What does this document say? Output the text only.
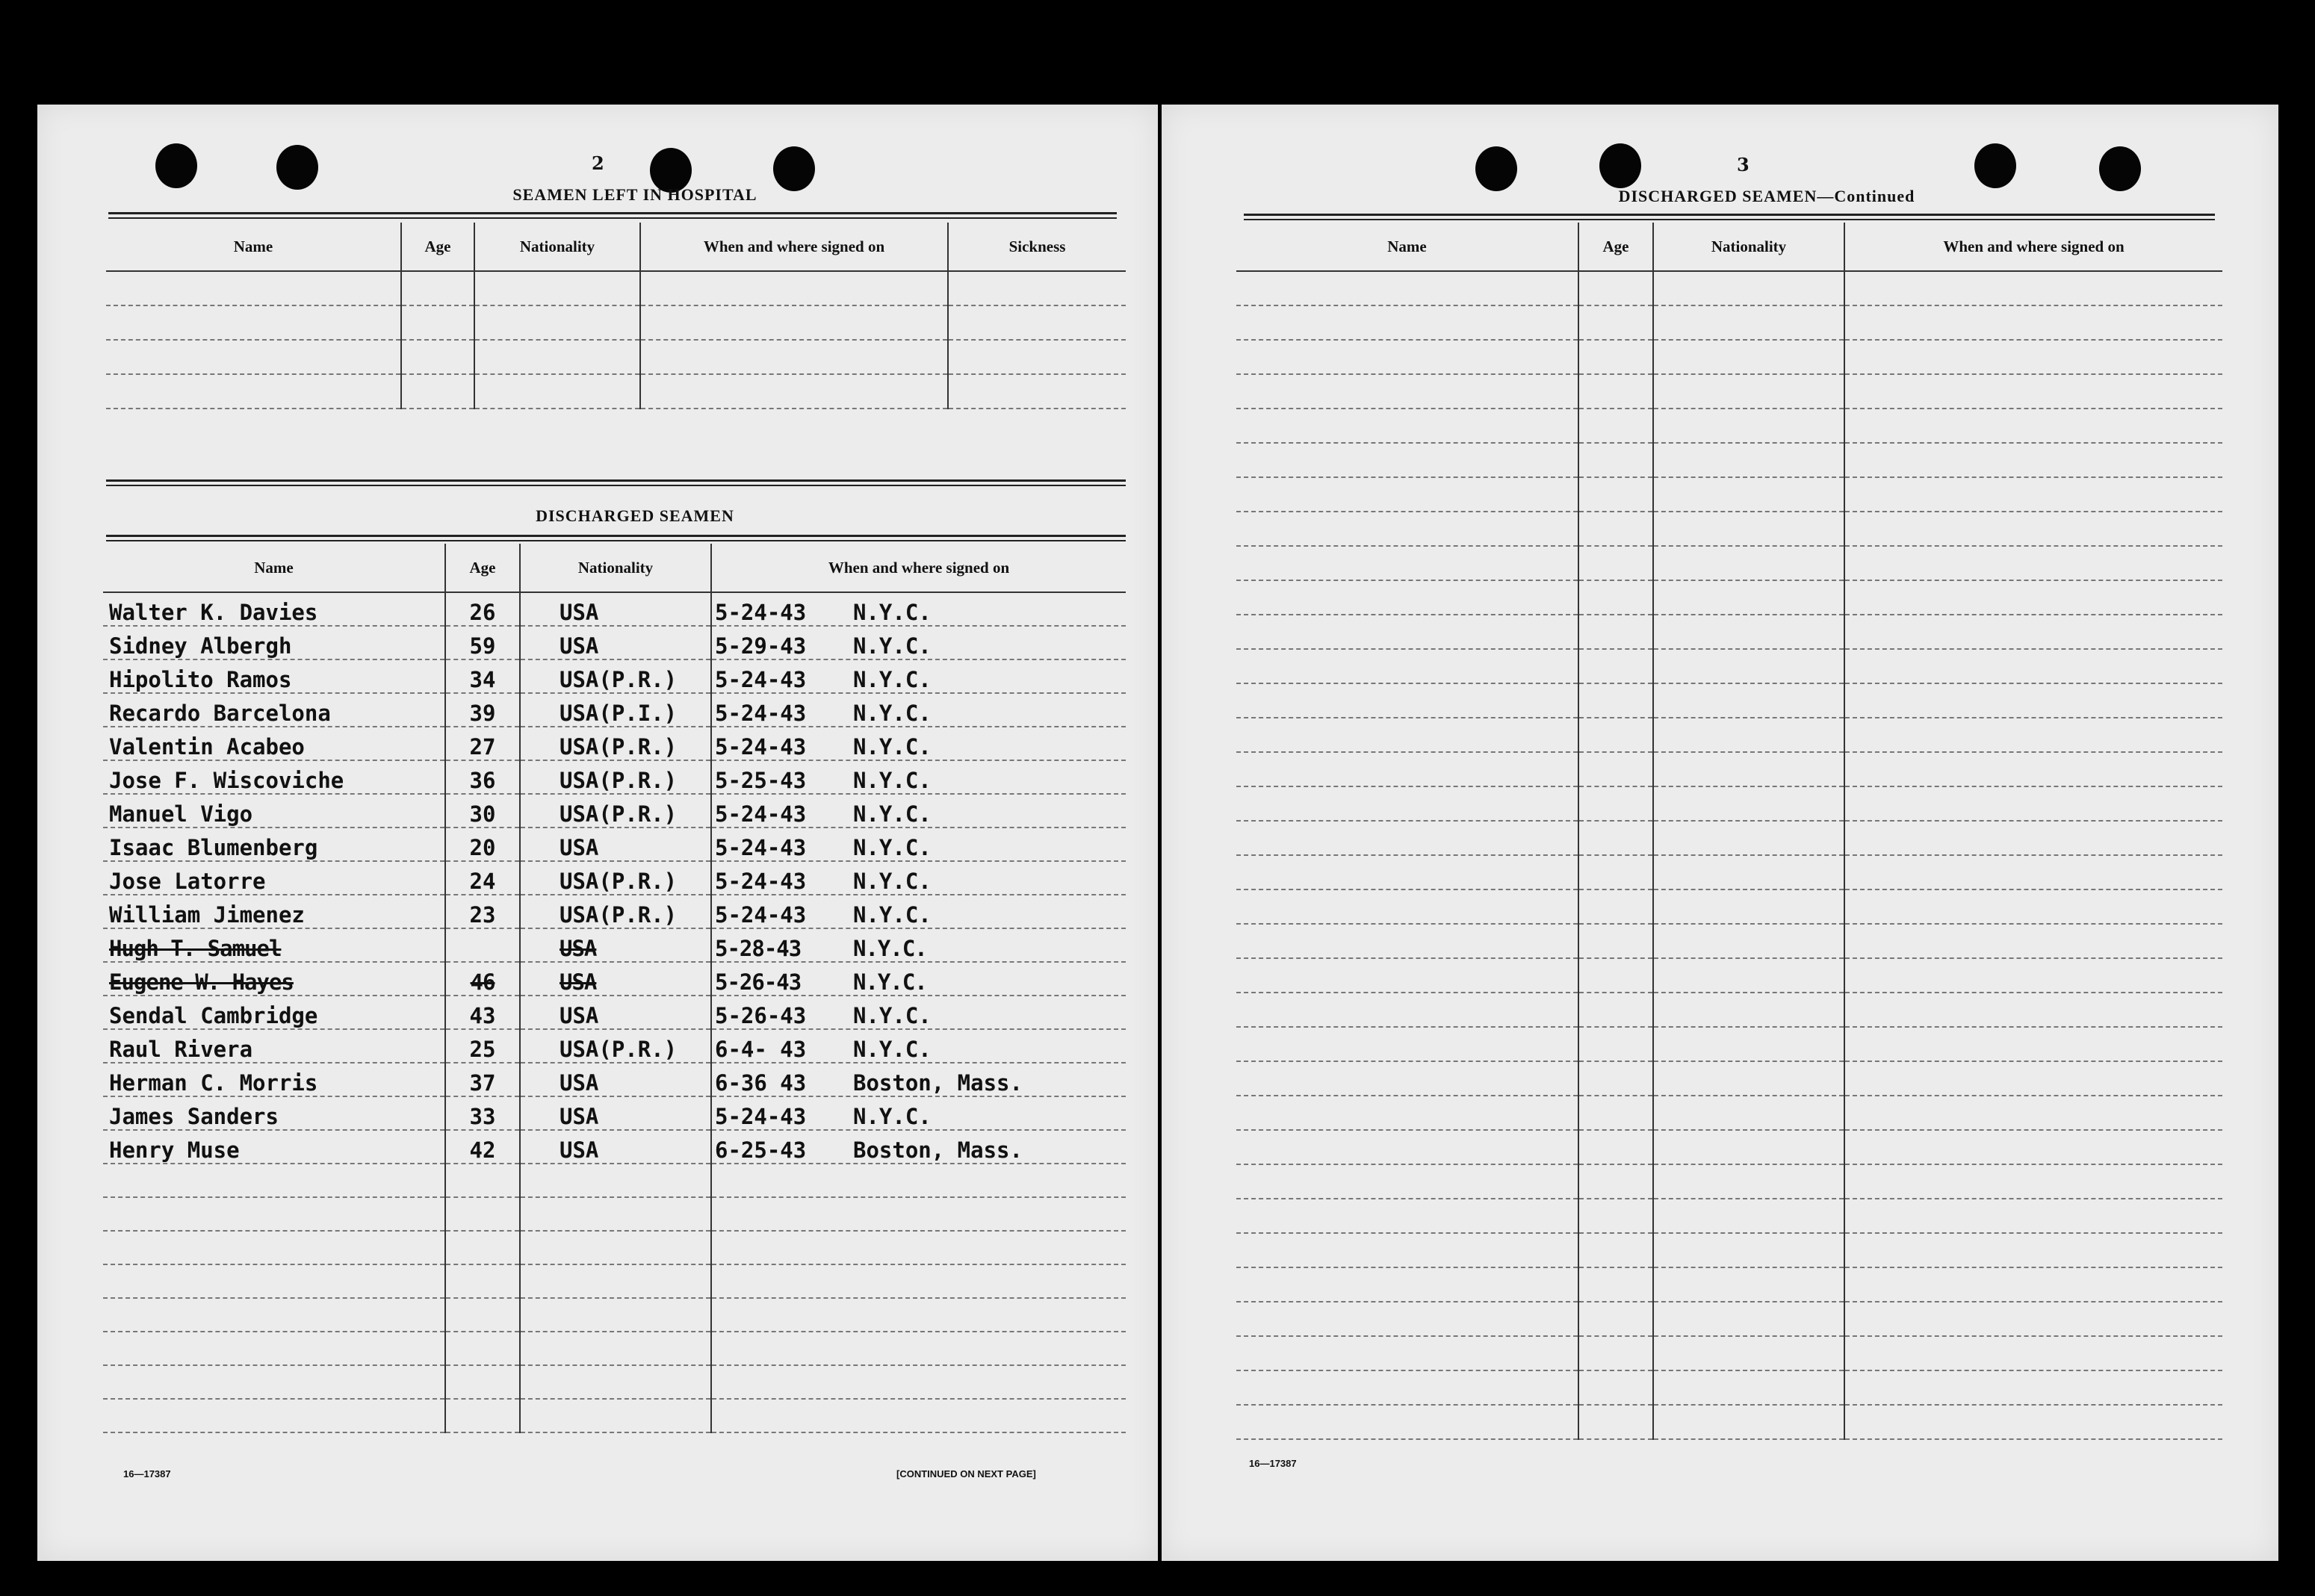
2
SEAMEN LEFT IN HOSPITAL
Name	Age	Nationality	When and where signed on	Sickness

DISCHARGED SEAMEN
Name	Age	Nationality	When and where signed on
Walter K. Davies	26	USA	5-24-43 N.Y.C.
Sidney Albergh	59	USA	5-29-43 N.Y.C.
Hipolito Ramos	34	USA(P.R.)	5-24-43 N.Y.C.
Recardo Barcelona	39	USA(P.I.)	5-24-43 N.Y.C.
Valentin Acabeo	27	USA(P.R.)	5-24-43 N.Y.C.
Jose F. Wiscoviche	36	USA(P.R.)	5-25-43 N.Y.C.
Manuel Vigo	30	USA(P.R.)	5-24-43 N.Y.C.
Isaac Blumenberg	20	USA	5-24-43 N.Y.C.
Jose Latorre	24	USA(P.R.)	5-24-43 N.Y.C.
William Jimenez	23	USA(P.R.)	5-24-43 N.Y.C.
Hugh T. Samuel		USA	5-28-43 N.Y.C.
Eugene W. Hayes	46	USA	5-26-43 N.Y.C.
Sendal Cambridge	43	USA	5-26-43 N.Y.C.
Raul Rivera	25	USA(P.R.)	6-4- 43 N.Y.C.
Herman C. Morris	37	USA	6-36 43 Boston, Mass.
James Sanders	33	USA	5-24-43 N.Y.C.
Henry Muse	42	USA	6-25-43 Boston, Mass.

16—17387	[CONTINUED ON NEXT PAGE]
3
DISCHARGED SEAMEN—Continued
Name	Age	Nationality	When and where signed on

16—17387
